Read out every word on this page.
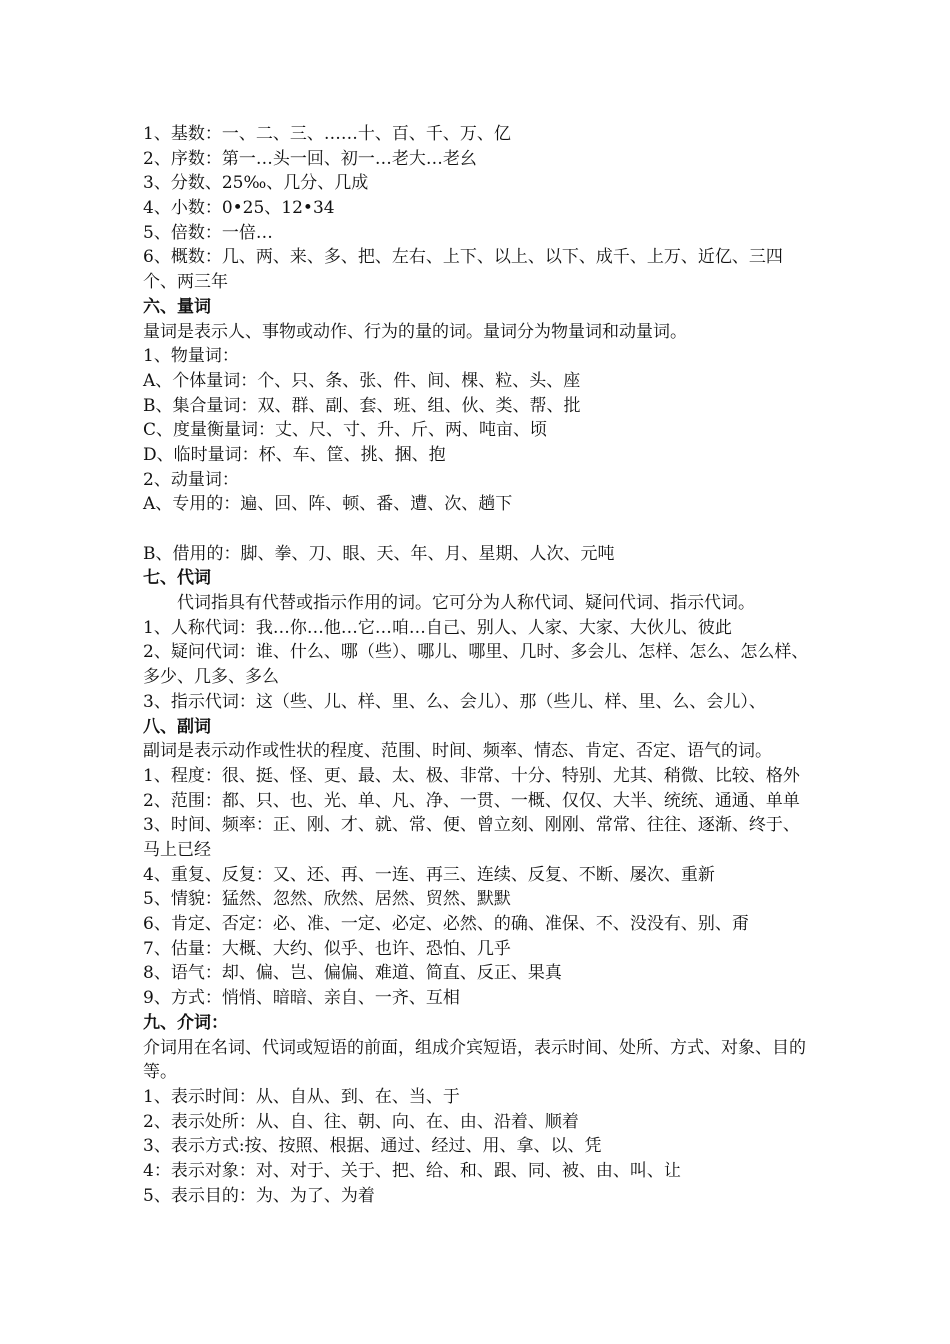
1、基数：一、二、三、……十、百、千、万、亿
2、序数：第一…头一回、初一…老大…老幺
3、分数、25‰、几分、几成
4、小数：0•25、12•34
5、倍数：一倍…
6、概数：几、两、来、多、把、左右、上下、以上、以下、成千、上万、近亿、三四个、两三年
六、量词
量词是表示人、事物或动作、行为的量的词。量词分为物量词和动量词。
1、物量词：
A、个体量词：个、只、条、张、件、间、棵、粒、头、座
B、集合量词：双、群、副、套、班、组、伙、类、帮、批
C、度量衡量词：丈、尺、寸、升、斤、两、吨亩、顷
D、临时量词：杯、车、筐、挑、捆、抱
2、动量词：
A、专用的：遍、回、阵、顿、番、遭、次、趟下
B、借用的：脚、拳、刀、眼、天、年、月、星期、人次、元吨
七、代词
代词指具有代替或指示作用的词。它可分为人称代词、疑问代词、指示代词。
1、人称代词：我…你…他…它…咱…自己、别人、人家、大家、大伙儿、彼此
2、疑问代词：谁、什么、哪（些）、哪儿、哪里、几时、多会儿、怎样、怎么、怎么样、多少、几多、多么
3、指示代词：这（些、儿、样、里、么、会儿）、那（些儿、样、里、么、会儿）、
八、副词
副词是表示动作或性状的程度、范围、时间、频率、情态、肯定、否定、语气的词。
1、程度：很、挺、怪、更、最、太、极、非常、十分、特别、尤其、稍微、比较、格外
2、范围：都、只、也、光、单、凡、净、一贯、一概、仅仅、大半、统统、通通、单单
3、时间、频率：正、刚、才、就、常、便、曾立刻、刚刚、常常、往往、逐渐、终于、马上已经
4、重复、反复：又、还、再、一连、再三、连续、反复、不断、屡次、重新
5、情貌：猛然、忽然、欣然、居然、贸然、默默
6、肯定、否定：必、准、一定、必定、必然、的确、准保、不、没没有、别、甭
7、估量：大概、大约、似乎、也许、恐怕、几乎
8、语气：却、偏、岂、偏偏、难道、简直、反正、果真
9、方式：悄悄、暗暗、亲自、一齐、互相
九、介词：
介词用在名词、代词或短语的前面，组成介宾短语，表示时间、处所、方式、对象、目的等。
1、表示时间：从、自从、到、在、当、于
2、表示处所：从、自、往、朝、向、在、由、沿着、顺着
3、表示方式:按、按照、根据、通过、经过、用、拿、以、凭
4：表示对象：对、对于、关于、把、给、和、跟、同、被、由、叫、让
5、表示目的：为、为了、为着
